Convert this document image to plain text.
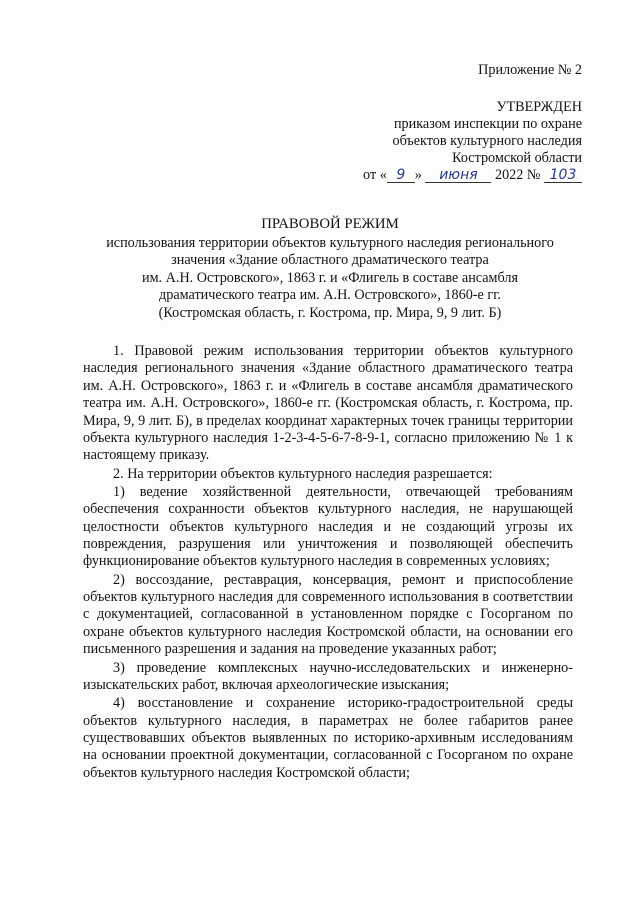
Приложение № 2
УТВЕРЖДЕН
приказом инспекции по охране
объектов культурного наследия
Костромской области
от « 9 » июня 2022 № 103
ПРАВОВОЙ РЕЖИМ
использования территории объектов культурного наследия регионального
значения «Здание областного драматического театра
им. А.Н. Островского», 1863 г. и «Флигель в составе ансамбля
драматического театра им. А.Н. Островского», 1860-е гг.
(Костромская область, г. Кострома, пр. Мира, 9, 9 лит. Б)

1. Правовой режим использования территории объектов культурного наследия регионального значения «Здание областного драматического театра им. А.Н. Островского», 1863 г. и «Флигель в составе ансамбля драматического театра им. А.Н. Островского», 1860-е гг. (Костромская область, г. Кострома, пр. Мира, 9, 9 лит. Б), в пределах координат характерных точек границы территории объекта культурного наследия 1-2-3-4-5-6-7-8-9-1, согласно приложению № 1 к настоящему приказу.

2. На территории объектов культурного наследия разрешается:

1) ведение хозяйственной деятельности, отвечающей требованиям обеспечения сохранности объектов культурного наследия, не нарушающей целостности объектов культурного наследия и не создающий угрозы их повреждения, разрушения или уничтожения и позволяющей обеспечить функционирование объектов культурного наследия в современных условиях;

2) воссоздание, реставрация, консервация, ремонт и приспособление объектов культурного наследия для современного использования в соответствии с документацией, согласованной в установленном порядке с Госорганом по охране объектов культурного наследия Костромской области, на основании его письменного разрешения и задания на проведение указанных работ;

3) проведение комплексных научно-исследовательских и инженерно-изыскательских работ, включая археологические изыскания;

4) восстановление и сохранение историко-градостроительной среды объектов культурного наследия, в параметрах не более габаритов ранее существовавших объектов выявленных по историко-архивным исследованиям на основании проектной документации, согласованной с Госорганом по охране объектов культурного наследия Костромской области;
